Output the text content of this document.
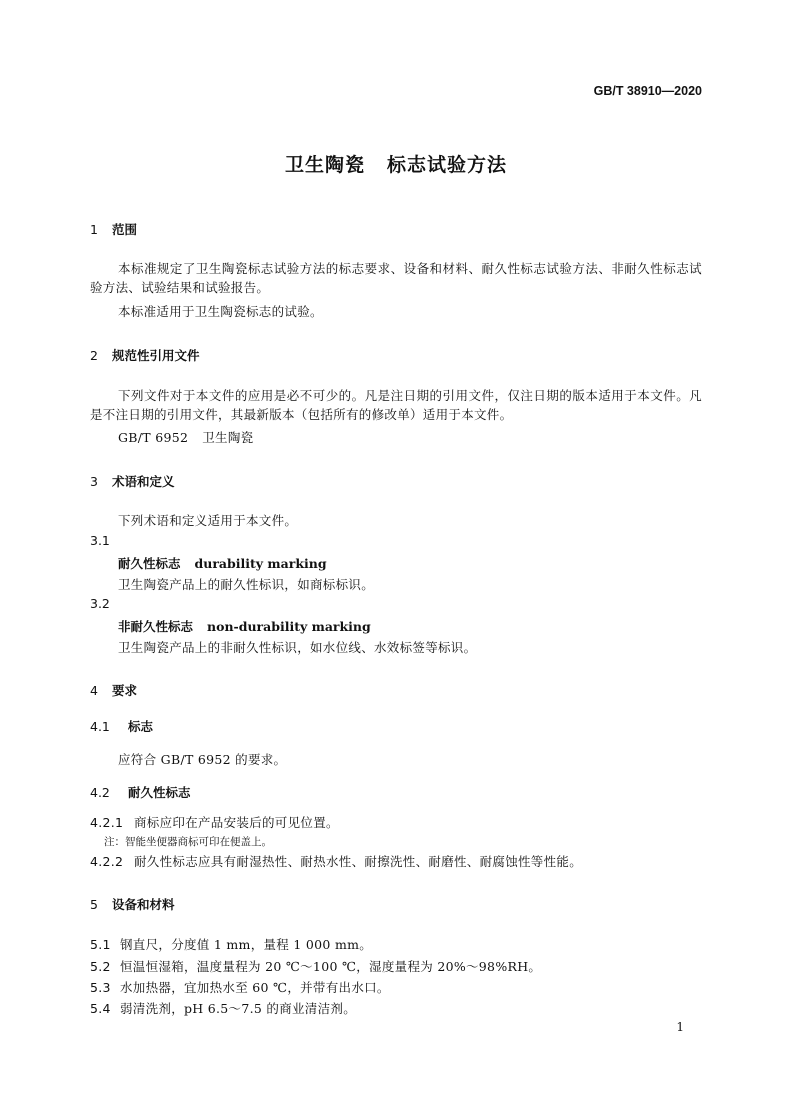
GB/T 38910—2020
卫生陶瓷 标志试验方法
1 范围
本标准规定了卫生陶瓷标志试验方法的标志要求、设备和材料、耐久性标志试验方法、非耐久性标志试验方法、试验结果和试验报告。
本标准适用于卫生陶瓷标志的试验。
2 规范性引用文件
下列文件对于本文件的应用是必不可少的。凡是注日期的引用文件，仅注日期的版本适用于本文件。凡是不注日期的引用文件，其最新版本（包括所有的修改单）适用于本文件。
GB/T 6952 卫生陶瓷
3 术语和定义
下列术语和定义适用于本文件。
3.1
耐久性标志 durability marking
卫生陶瓷产品上的耐久性标识，如商标标识。
3.2
非耐久性标志 non-durability marking
卫生陶瓷产品上的非耐久性标识，如水位线、水效标签等标识。
4 要求
4.1 标志
应符合 GB/T 6952 的要求。
4.2 耐久性标志
4.2.1 商标应印在产品安装后的可见位置。
注：智能坐便器商标可印在便盖上。
4.2.2 耐久性标志应具有耐湿热性、耐热水性、耐擦洗性、耐磨性、耐腐蚀性等性能。
5 设备和材料
5.1 钢直尺，分度值 1 mm，量程 1 000 mm。
5.2 恒温恒湿箱，温度量程为 20 ℃～100 ℃，湿度量程为 20%～98%RH。
5.3 水加热器，宜加热水至 60 ℃，并带有出水口。
5.4 弱清洗剂，pH 6.5～7.5 的商业清洁剂。
1
